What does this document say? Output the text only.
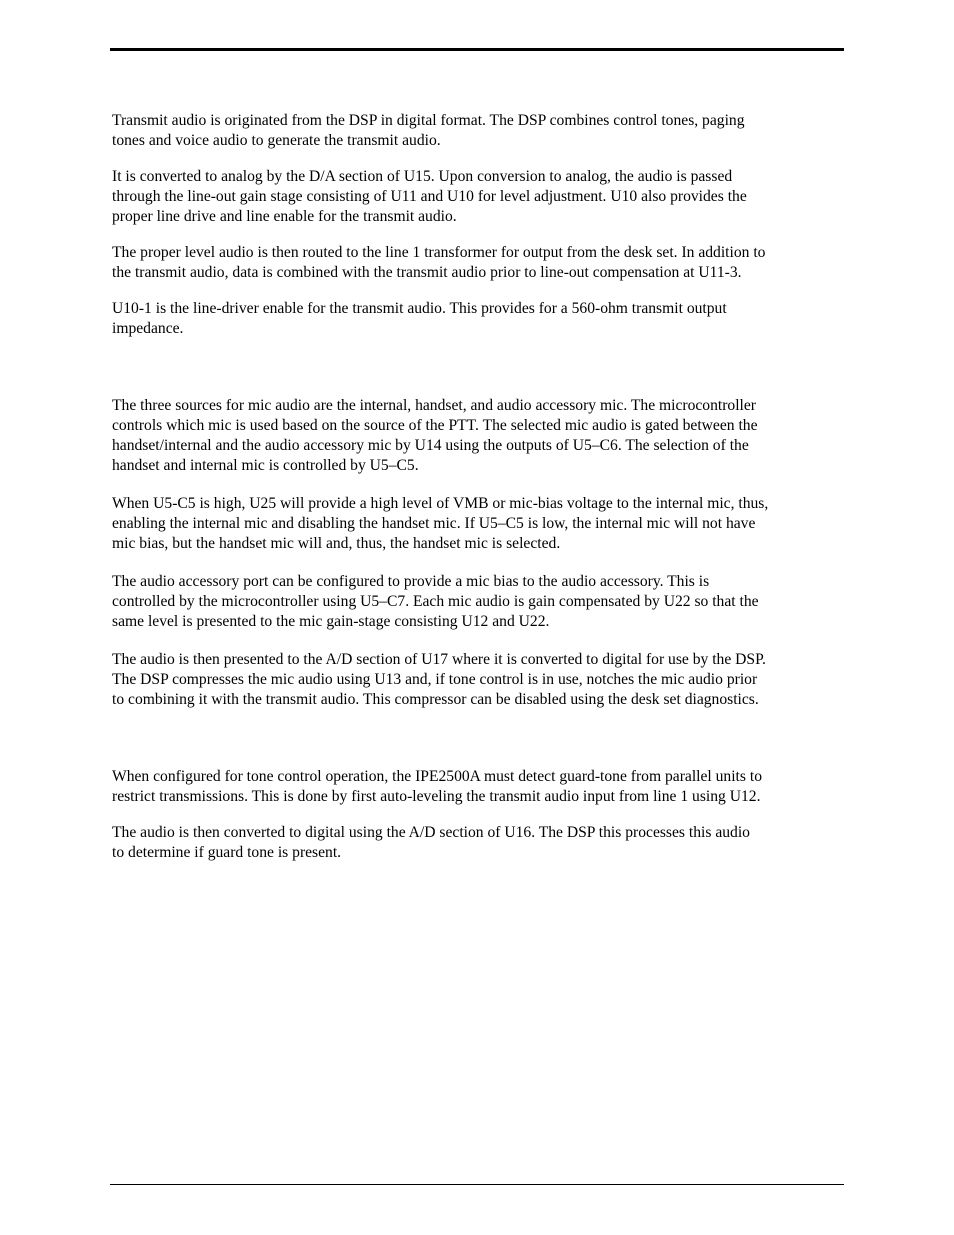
Transmit audio is originated from the DSP in digital format. The DSP combines control tones, paging
tones and voice audio to generate the transmit audio.

It is converted to analog by the D/A section of U15. Upon conversion to analog, the audio is passed
through the line-out gain stage consisting of U11 and U10 for level adjustment. U10 also provides the
proper line drive and line enable for the transmit audio.

The proper level audio is then routed to the line 1 transformer for output from the desk set. In addition to
the transmit audio, data is combined with the transmit audio prior to line-out compensation at U11-3.

U10-1 is the line-driver enable for the transmit audio. This provides for a 560-ohm transmit output
impedance.

The three sources for mic audio are the internal, handset, and audio accessory mic. The microcontroller
controls which mic is used based on the source of the PTT. The selected mic audio is gated between the
handset/internal and the audio accessory mic by U14 using the outputs of U5–C6. The selection of the
handset and internal mic is controlled by U5–C5.

When U5-C5 is high, U25 will provide a high level of VMB or mic-bias voltage to the internal mic, thus,
enabling the internal mic and disabling the handset mic. If U5–C5 is low, the internal mic will not have
mic bias, but the handset mic will and, thus, the handset mic is selected.

The audio accessory port can be configured to provide a mic bias to the audio accessory. This is
controlled by the microcontroller using U5–C7. Each mic audio is gain compensated by U22 so that the
same level is presented to the mic gain-stage consisting U12 and U22.

The audio is then presented to the A/D section of U17 where it is converted to digital for use by the DSP.
The DSP compresses the mic audio using U13 and, if tone control is in use, notches the mic audio prior
to combining it with the transmit audio. This compressor can be disabled using the desk set diagnostics.

When configured for tone control operation, the IPE2500A must detect guard-tone from parallel units to
restrict transmissions. This is done by first auto-leveling the transmit audio input from line 1 using U12.

The audio is then converted to digital using the A/D section of U16. The DSP this processes this audio
to determine if guard tone is present.
